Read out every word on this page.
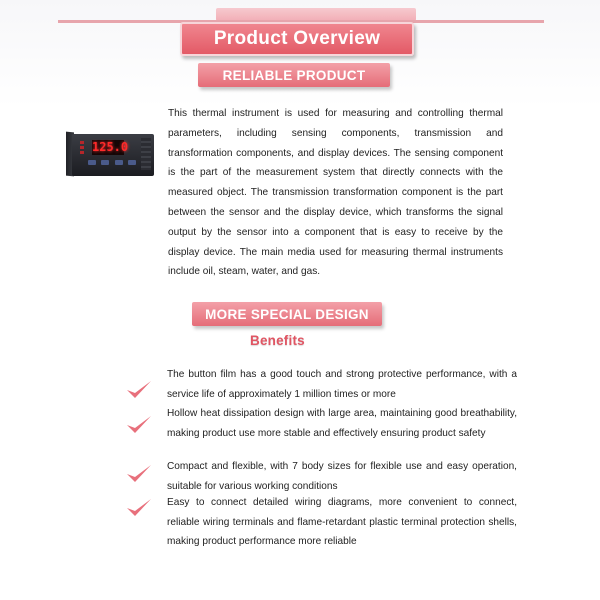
Product Overview
RELIABLE PRODUCT
125.0

This thermal instrument is used for measuring and controlling thermal parameters, including sensing components, transmission and transformation components, and display devices. The sensing component is the part of the measurement system that directly connects with the measured object. The transmission transformation component is the part between the sensor and the display device, which transforms the signal output by the sensor into a component that is easy to receive by the display device. The main media used for measuring thermal instruments include oil, steam, water, and gas.

MORE SPECIAL DESIGN
Benefits
The button film has a good touch and strong protective performance, with a service life of approximately 1 million times or more
Hollow heat dissipation design with large area, maintaining good breathability, making product use more stable and effectively ensuring product safety
Compact and flexible, with 7 body sizes for flexible use and easy operation, suitable for various working conditions
Easy to connect detailed wiring diagrams, more convenient to connect, reliable wiring terminals and flame-retardant plastic terminal protection shells, making product performance more reliable
